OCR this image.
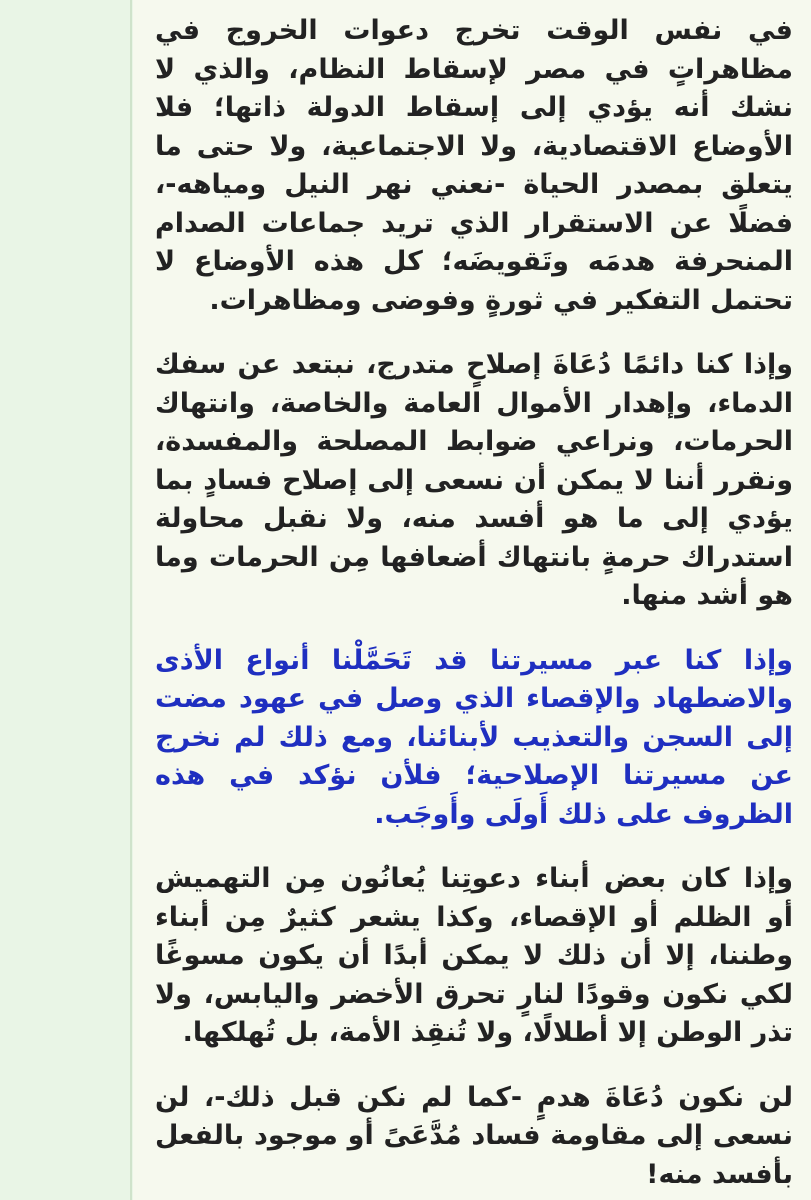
في نفس الوقت تخرج دعوات الخروج في مظاهراتٍ في مصر لإسقاط النظام، والذي لا نشك أنه يؤدي إلى إسقاط الدولة ذاتها؛ فلا الأوضاع الاقتصادية، ولا الاجتماعية، ولا حتى ما يتعلق بمصدر الحياة -نعني نهر النيل ومياهه-، فضلًا عن الاستقرار الذي تريد جماعات الصدام المنحرفة هدمَه وتَقويضَه؛ كل هذه الأوضاع لا تحتمل التفكير في ثورةٍ وفوضى ومظاهرات.

وإذا كنا دائمًا دُعَاةَ إصلاحٍ متدرج، نبتعد عن سفك الدماء، وإهدار الأموال العامة والخاصة، وانتهاك الحرمات، ونراعي ضوابط المصلحة والمفسدة، ونقرر أننا لا يمكن أن نسعى إلى إصلاح فسادٍ بما يؤدي إلى ما هو أفسد منه، ولا نقبل محاولة استدراك حرمةٍ بانتهاك أضعافها مِن الحرمات وما هو أشد منها.

وإذا كنا عبر مسيرتنا قد تَحَمَّلْنا أنواع الأذى والاضطهاد والإقصاء الذي وصل في عهود مضت إلى السجن والتعذيب لأبنائنا، ومع ذلك لم نخرج عن مسيرتنا الإصلاحية؛ فلأن نؤكد في هذه الظروف على ذلك أَولَى وأَوجَب.

وإذا كان بعض أبناء دعوتِنا يُعانُون مِن التهميش أو الظلم أو الإقصاء، وكذا يشعر كثيرٌ مِن أبناء وطننا، إلا أن ذلك لا يمكن أبدًا أن يكون مسوغًا لكي نكون وقودًا لنارٍ تحرق الأخضر واليابس، ولا تذر الوطن إلا أطلالًا، ولا تُنقِذ الأمة، بل تُهلكها.

لن نكون دُعَاةَ هدمٍ -كما لم نكن قبل ذلك-، لن نسعى إلى مقاومة فساد مُدَّعَىً أو موجود بالفعل بأفسد منه!
